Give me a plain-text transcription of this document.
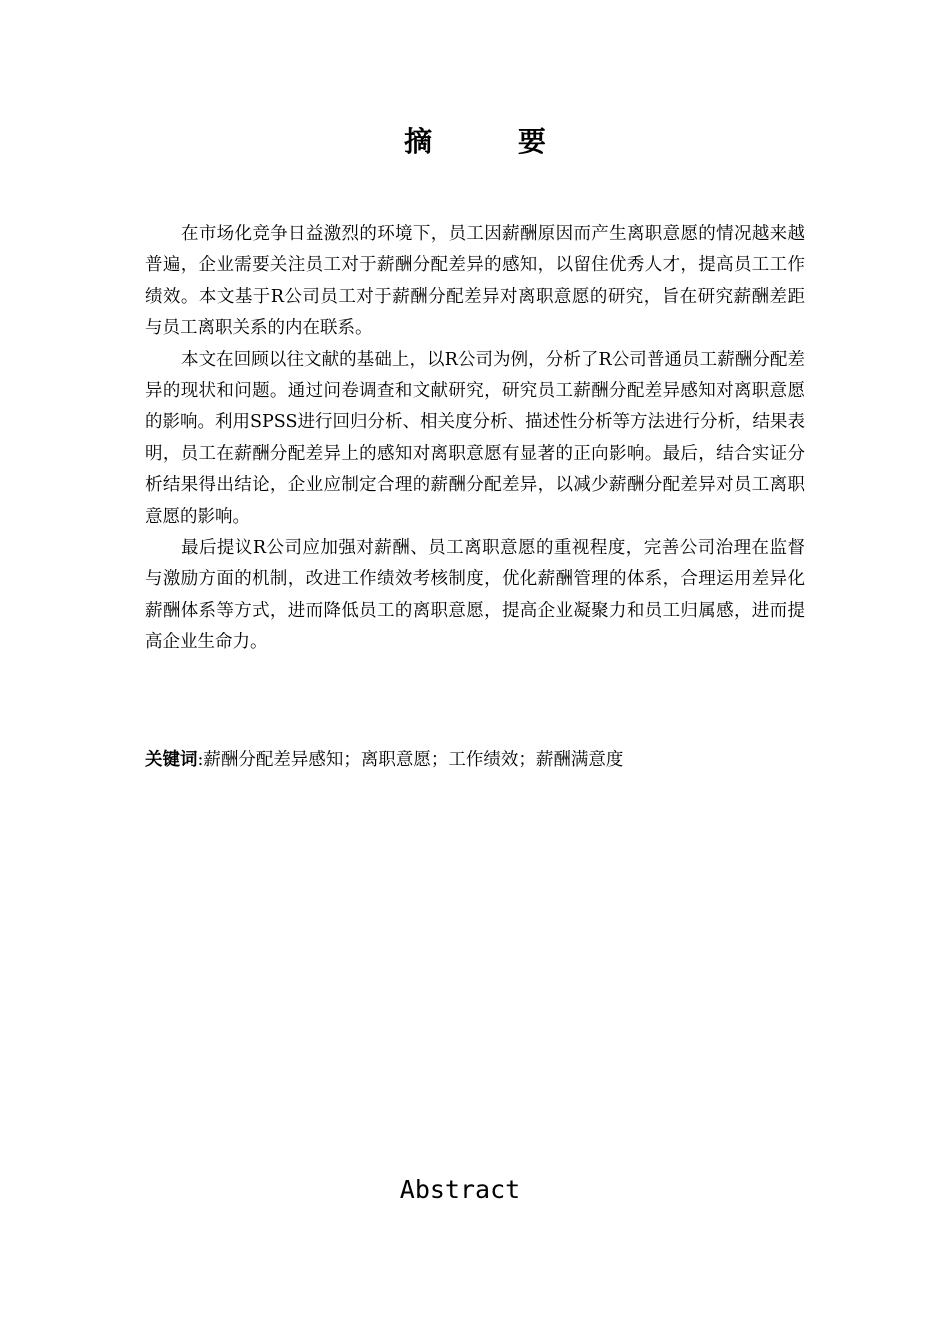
摘 要

在市场化竞争日益激烈的环境下，员工因薪酬原因而产生离职意愿的情况越来越普遍，企业需要关注员工对于薪酬分配差异的感知，以留住优秀人才，提高员工工作绩效。本文基于R公司员工对于薪酬分配差异对离职意愿的研究，旨在研究薪酬差距与员工离职关系的内在联系。

本文在回顾以往文献的基础上，以R公司为例，分析了R公司普通员工薪酬分配差异的现状和问题。通过问卷调查和文献研究，研究员工薪酬分配差异感知对离职意愿的影响。利用SPSS进行回归分析、相关度分析、描述性分析等方法进行分析，结果表明，员工在薪酬分配差异上的感知对离职意愿有显著的正向影响。最后，结合实证分析结果得出结论，企业应制定合理的薪酬分配差异，以减少薪酬分配差异对员工离职意愿的影响。

最后提议R公司应加强对薪酬、员工离职意愿的重视程度，完善公司治理在监督与激励方面的机制，改进工作绩效考核制度，优化薪酬管理的体系，合理运用差异化薪酬体系等方式，进而降低员工的离职意愿，提高企业凝聚力和员工归属感，进而提高企业生命力。

关键词:薪酬分配差异感知；离职意愿；工作绩效；薪酬满意度
Abstract
